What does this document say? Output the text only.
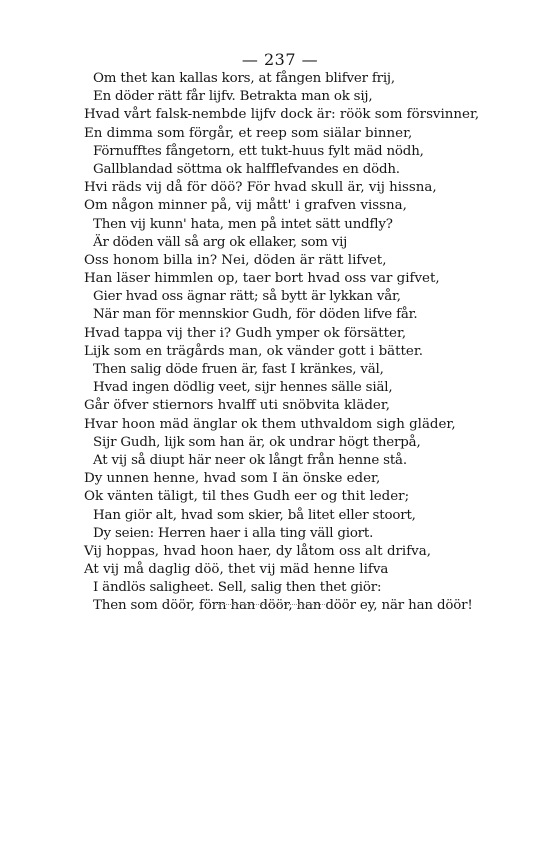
— 237 —
Om thet kan kallas kors, at fången blifver frij,
En döder rätt får lijfv. Betrakta man ok sij,
Hvad vårt falsk-nembde lijfv dock är: röök som försvinner,
En dimma som förgår, et reep som siälar binner,
Förnufftes fångetorn, ett tukt-huus fylt mäd nödh,
Gallblandad söttma ok halfflefvandes en dödh.
Hvi räds vij då för döö? För hvad skull är, vij hissna,
Om någon minner på, vij mått' i grafven vissna,
Then vij kunn' hata, men på intet sätt undfly?
Är döden väll så arg ok ellaker, som vij
Oss honom billa in? Nei, döden är rätt lifvet,
Han läser himmlen op, taer bort hvad oss var gifvet,
Gier hvad oss ägnar rätt; så bytt är lykkan vår,
När man för mennskior Gudh, för döden lifve får.
Hvad tappa vij ther i? Gudh ymper ok försätter,
Lijk som en trägårds man, ok vänder gott i bätter.
Then salig döde fruen är, fast I kränkes, väl,
Hvad ingen dödlig veet, sijr hennes sälle siäl,
Går öfver stiernors hvalff uti snöbvita kläder,
Hvar hoon mäd änglar ok them uthvaldom sigh gläder,
Sijr Gudh, lijk som han är, ok undrar högt therpå,
At vij så diupt här neer ok långt från henne stå.
Dy unnen henne, hvad som I än önske eder,
Ok vänten täligt, til thes Gudh eer og thit leder;
Han giör alt, hvad som skier, bå litet eller stoort,
Dy seien: Herren haer i alla ting väll giort.
Vij hoppas, hvad hoon haer, dy låtom oss alt drifva,
At vij må daglig döö, thet vij mäd henne lifva
I ändlös saligheet. Sell, salig then thet giör:
Then som döör, förn han döör, han döör ey, när han döör!
